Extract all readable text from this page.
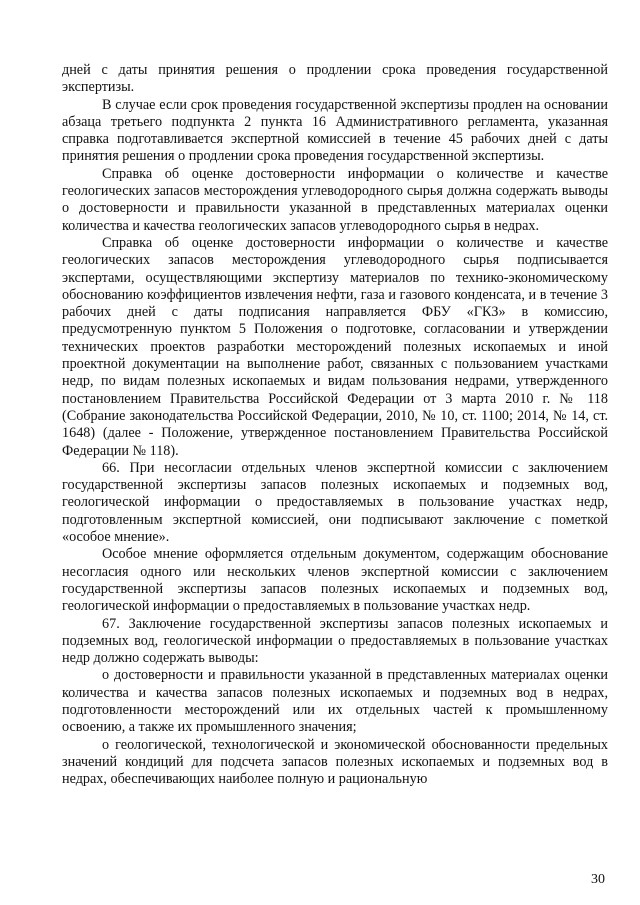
дней с даты принятия решения о продлении срока проведения государственной экспертизы.

В случае если срок проведения государственной экспертизы продлен на основании абзаца третьего подпункта 2 пункта 16 Административного регламента, указанная справка подготавливается экспертной комиссией в течение 45 рабочих дней с даты принятия решения о продлении срока проведения государственной экспертизы.

Справка об оценке достоверности информации о количестве и качестве геологических запасов месторождения углеводородного сырья должна содержать выводы о достоверности и правильности указанной в представленных материалах оценки количества и качества геологических запасов углеводородного сырья в недрах.

Справка об оценке достоверности информации о количестве и качестве геологических запасов месторождения углеводородного сырья подписывается экспертами, осуществляющими экспертизу материалов по технико-экономическому обоснованию коэффициентов извлечения нефти, газа и газового конденсата, и в течение 3 рабочих дней с даты подписания направляется ФБУ «ГКЗ» в комиссию, предусмотренную пунктом 5 Положения о подготовке, согласовании и утверждении технических проектов разработки месторождений полезных ископаемых и иной проектной документации на выполнение работ, связанных с пользованием участками недр, по видам полезных ископаемых и видам пользования недрами, утвержденного постановлением Правительства Российской Федерации от 3 марта 2010 г. № 118 (Собрание законодательства Российской Федерации, 2010, № 10, ст. 1100; 2014, № 14, ст. 1648) (далее - Положение, утвержденное постановлением Правительства Российской Федерации № 118).

66. При несогласии отдельных членов экспертной комиссии с заключением государственной экспертизы запасов полезных ископаемых и подземных вод, геологической информации о предоставляемых в пользование участках недр, подготовленным экспертной комиссией, они подписывают заключение с пометкой «особое мнение».

Особое мнение оформляется отдельным документом, содержащим обоснование несогласия одного или нескольких членов экспертной комиссии с заключением государственной экспертизы запасов полезных ископаемых и подземных вод, геологической информации о предоставляемых в пользование участках недр.

67. Заключение государственной экспертизы запасов полезных ископаемых и подземных вод, геологической информации о предоставляемых в пользование участках недр должно содержать выводы:

о достоверности и правильности указанной в представленных материалах оценки количества и качества запасов полезных ископаемых и подземных вод в недрах, подготовленности месторождений или их отдельных частей к промышленному освоению, а также их промышленного значения;

о геологической, технологической и экономической обоснованности предельных значений кондиций для подсчета запасов полезных ископаемых и подземных вод в недрах, обеспечивающих наиболее полную и рациональную

30
